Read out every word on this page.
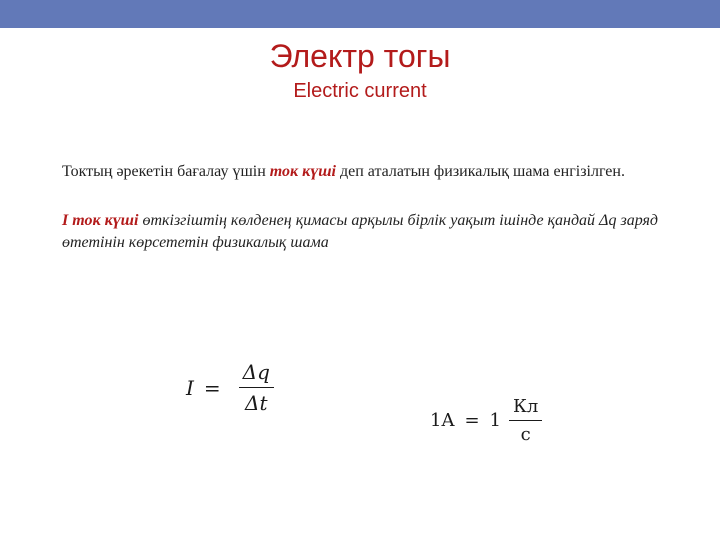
Электр тогы
Electric current
Токтың әрекетін бағалау үшін ток күші деп аталатын физикалық шама енгізілген.
I ток күші өткізгіштің көлденең қимасы арқылы бірлік уақыт ішінде қандай Δq заряд өтетінін көрсететін физикалық шама
$I = \frac{\Delta q}{\Delta t}$
$1A = 1 \frac{Кл}{с}$
